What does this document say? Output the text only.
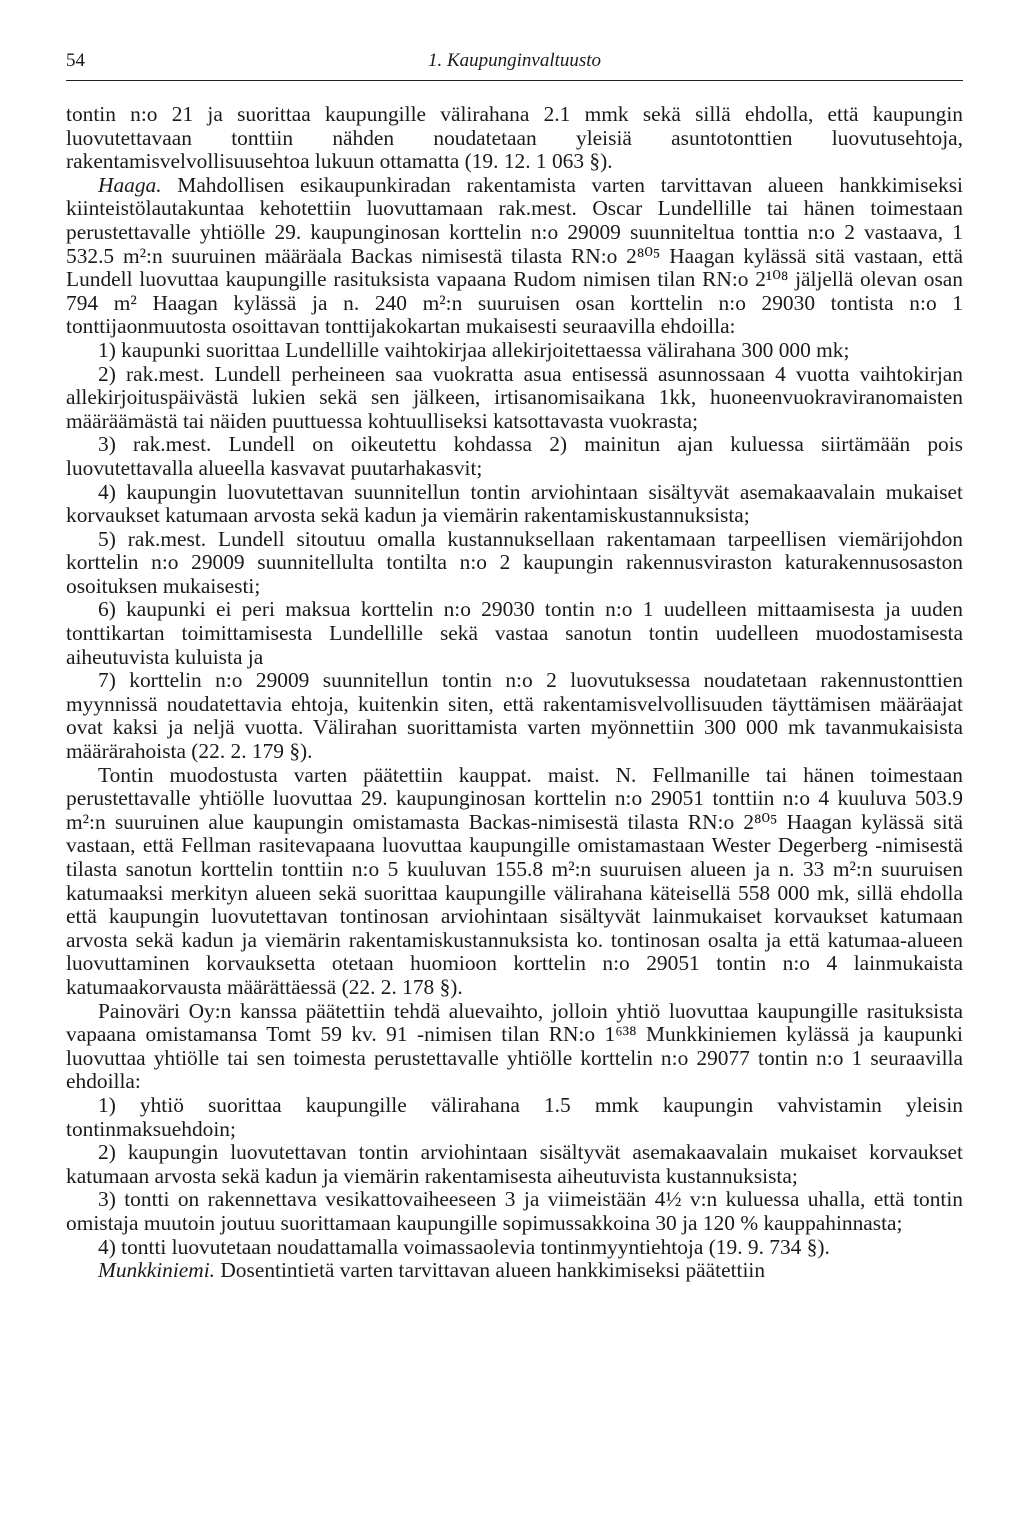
54	1. Kaupunginvaltuusto

tontin n:o 21 ja suorittaa kaupungille välirahana 2.1 mmk sekä sillä ehdolla, että kaupungin luovutettavaan tonttiin nähden noudatetaan yleisiä asuntotonttien luovutusehtoja, rakentamisvelvollisuusehtoa lukuun ottamatta (19. 12. 1 063 §).

Haaga. Mahdollisen esikaupunkiradan rakentamista varten tarvittavan alueen hankkimiseksi kiinteistölautakuntaa kehotettiin luovuttamaan rak.mest. Oscar Lundellille tai hänen toimestaan perustettavalle yhtiölle 29. kaupunginosan korttelin n:o 29009 suunniteltua tonttia n:o 2 vastaava, 1 532.5 m²:n suuruinen määräala Backas nimisestä tilasta RN:o 2⁸⁰⁵ Haagan kylässä sitä vastaan, että Lundell luovuttaa kaupungille rasituksista vapaana Rudom nimisen tilan RN:o 2¹⁰⁸ jäljellä olevan osan 794 m² Haagan kylässä ja n. 240 m²:n suuruisen osan korttelin n:o 29030 tontista n:o 1 tonttijaonmuutosta osoittavan tonttijakokartan mukaisesti seuraavilla ehdoilla:

1) kaupunki suorittaa Lundellille vaihtokirjaa allekirjoitettaessa välirahana 300 000 mk;

2) rak.mest. Lundell perheineen saa vuokratta asua entisessä asunnossaan 4 vuotta vaihtokirjan allekirjoituspäivästä lukien sekä sen jälkeen, irtisanomisaikana 1kk, huoneenvuokraviranomaisten määräämästä tai näiden puuttuessa kohtuulliseksi katsottavasta vuokrasta;

3) rak.mest. Lundell on oikeutettu kohdassa 2) mainitun ajan kuluessa siirtämään pois luovutettavalla alueella kasvavat puutarhakasvit;

4) kaupungin luovutettavan suunnitellun tontin arviohintaan sisältyvät asemakaavalain mukaiset korvaukset katumaan arvosta sekä kadun ja viemärin rakentamiskustannuksista;

5) rak.mest. Lundell sitoutuu omalla kustannuksellaan rakentamaan tarpeellisen viemärijohdon korttelin n:o 29009 suunnitellulta tontilta n:o 2 kaupungin rakennusviraston katurakennusosaston osoituksen mukaisesti;

6) kaupunki ei peri maksua korttelin n:o 29030 tontin n:o 1 uudelleen mittaamisesta ja uuden tonttikartan toimittamisesta Lundellille sekä vastaa sanotun tontin uudelleen muodostamisesta aiheutuvista kuluista ja

7) korttelin n:o 29009 suunnitellun tontin n:o 2 luovutuksessa noudatetaan rakennustonttien myynnissä noudatettavia ehtoja, kuitenkin siten, että rakentamisvelvollisuuden täyttämisen määräajat ovat kaksi ja neljä vuotta. Välirahan suorittamista varten myönnettiin 300 000 mk tavanmukaisista määrärahoista (22. 2. 179 §).

Tontin muodostusta varten päätettiin kauppat. maist. N. Fellmanille tai hänen toimestaan perustettavalle yhtiölle luovuttaa 29. kaupunginosan korttelin n:o 29051 tonttiin n:o 4 kuuluva 503.9 m²:n suuruinen alue kaupungin omistamasta Backas-nimisestä tilasta RN:o 2⁸⁰⁵ Haagan kylässä sitä vastaan, että Fellman rasitevapaana luovuttaa kaupungille omistamastaan Wester Degerberg -nimisestä tilasta sanotun korttelin tonttiin n:o 5 kuuluvan 155.8 m²:n suuruisen alueen ja n. 33 m²:n suuruisen katumaaksi merkityn alueen sekä suorittaa kaupungille välirahana käteisellä 558 000 mk, sillä ehdolla että kaupungin luovutettavan tontinosan arviohintaan sisältyvät lainmukaiset korvaukset katumaan arvosta sekä kadun ja viemärin rakentamiskustannuksista ko. tontinosan osalta ja että katumaa-alueen luovuttaminen korvauksetta otetaan huomioon korttelin n:o 29051 tontin n:o 4 lainmukaista katumaakorvausta määrättäessä (22. 2. 178 §).

Painoväri Oy:n kanssa päätettiin tehdä aluevaihto, jolloin yhtiö luovuttaa kaupungille rasituksista vapaana omistamansa Tomt 59 kv. 91 -nimisen tilan RN:o 1⁶³⁸ Munkkiniemen kylässä ja kaupunki luovuttaa yhtiölle tai sen toimesta perustettavalle yhtiölle korttelin n:o 29077 tontin n:o 1 seuraavilla ehdoilla:

1) yhtiö suorittaa kaupungille välirahana 1.5 mmk kaupungin vahvistamin yleisin tontinmaksuehdoin;

2) kaupungin luovutettavan tontin arviohintaan sisältyvät asemakaavalain mukaiset korvaukset katumaan arvosta sekä kadun ja viemärin rakentamisesta aiheutuvista kustannuksista;

3) tontti on rakennettava vesikattovaiheeseen 3 ja viimeistään 4½ v:n kuluessa uhalla, että tontin omistaja muutoin joutuu suorittamaan kaupungille sopimussakkoina 30 ja 120 % kauppahinnasta;

4) tontti luovutetaan noudattamalla voimassaolevia tontinmyyntiehtoja (19. 9. 734 §).

Munkkiniemi. Dosentintietä varten tarvittavan alueen hankkimiseksi päätettiin
